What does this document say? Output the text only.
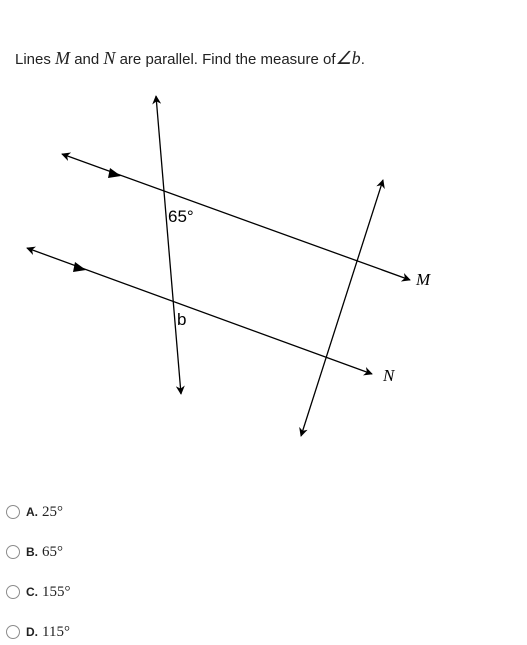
Lines M and N are parallel. Find the measure of∠b.
65°
b
M
N
A. 25°
B. 65°
C. 155°
D. 115°
